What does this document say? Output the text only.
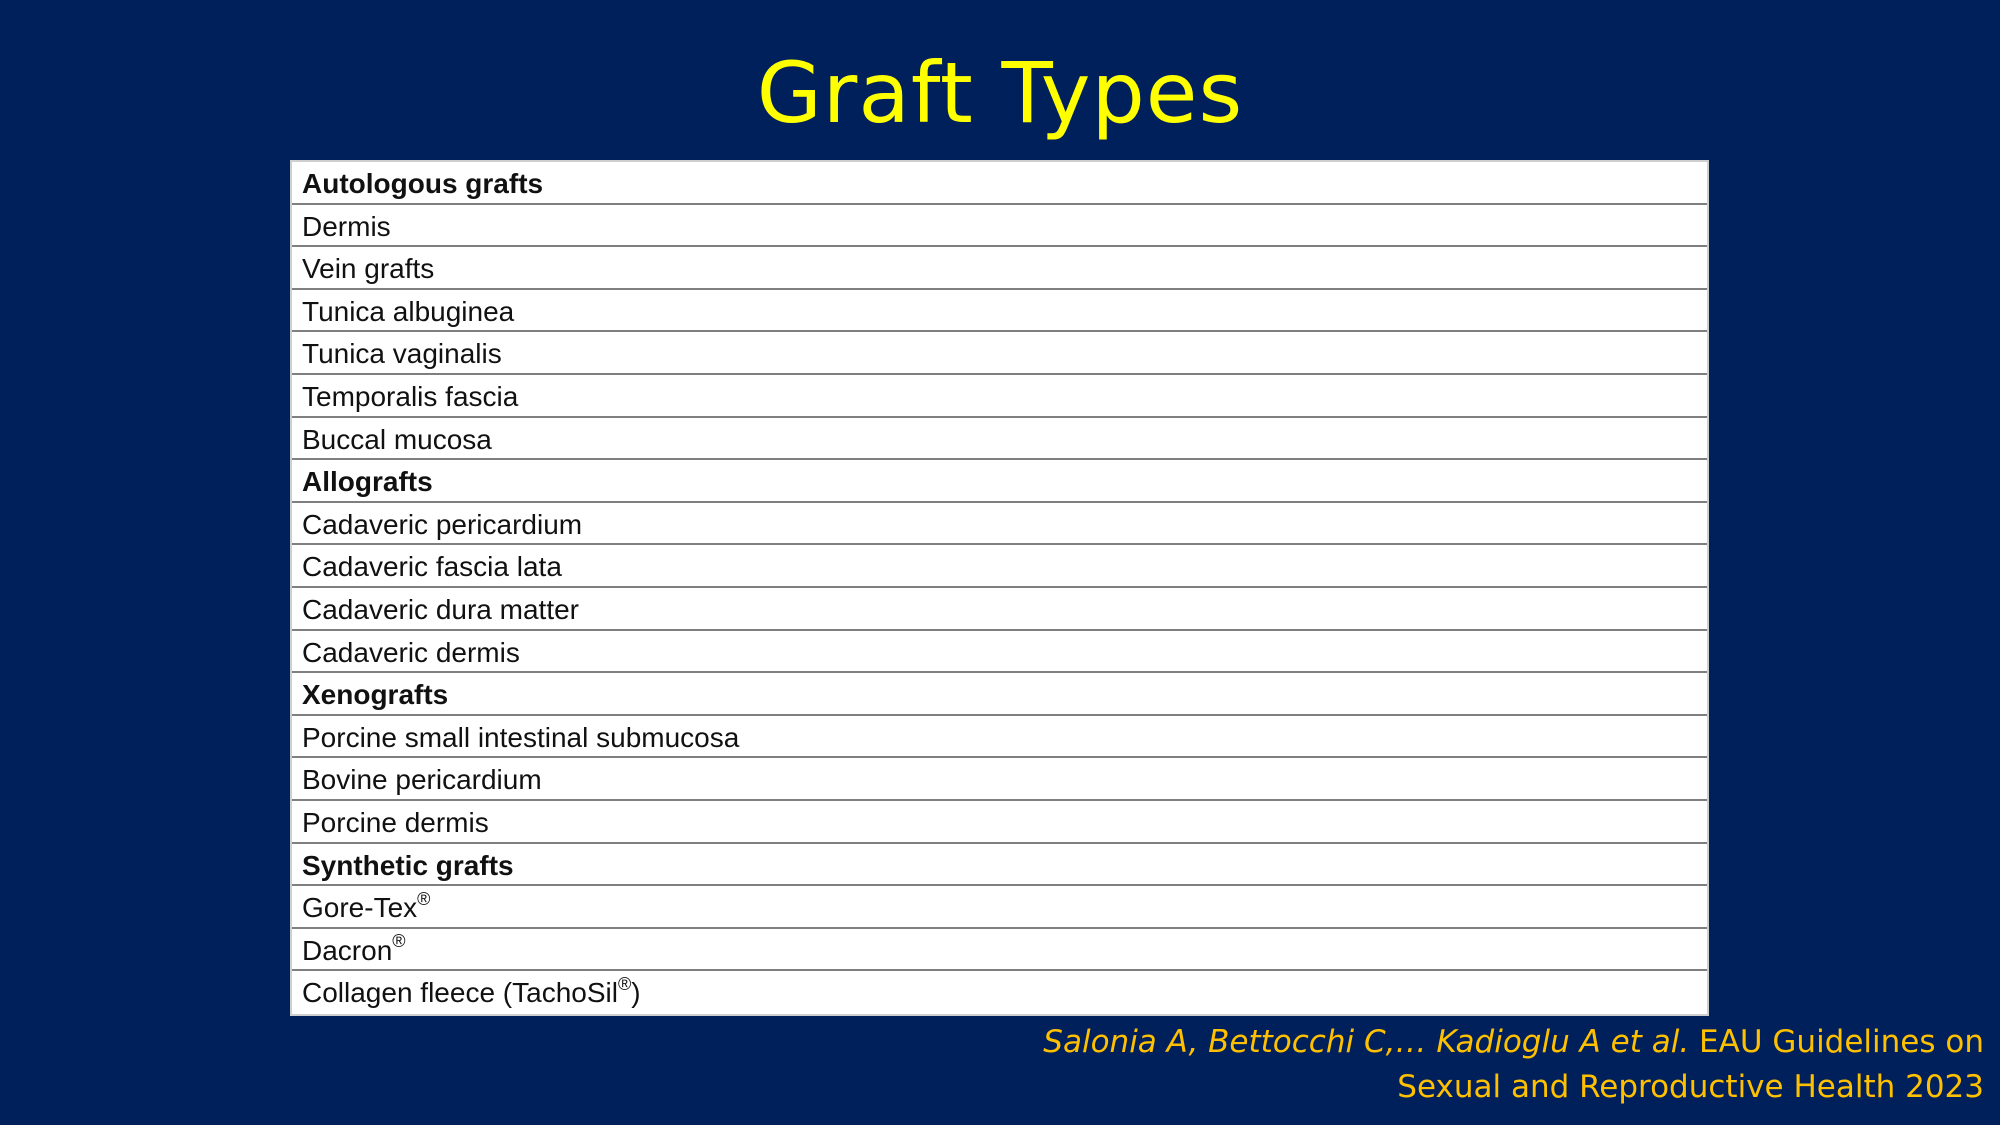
Graft Types
Autologous grafts
Dermis
Vein grafts
Tunica albuginea
Tunica vaginalis
Temporalis fascia
Buccal mucosa
Allografts
Cadaveric pericardium
Cadaveric fascia lata
Cadaveric dura matter
Cadaveric dermis
Xenografts
Porcine small intestinal submucosa
Bovine pericardium
Porcine dermis
Synthetic grafts
Gore-Tex®
Dacron®
Collagen fleece (TachoSil®)
Salonia A, Bettocchi C,… Kadioglu A et al. EAU Guidelines on
Sexual and Reproductive Health 2023
